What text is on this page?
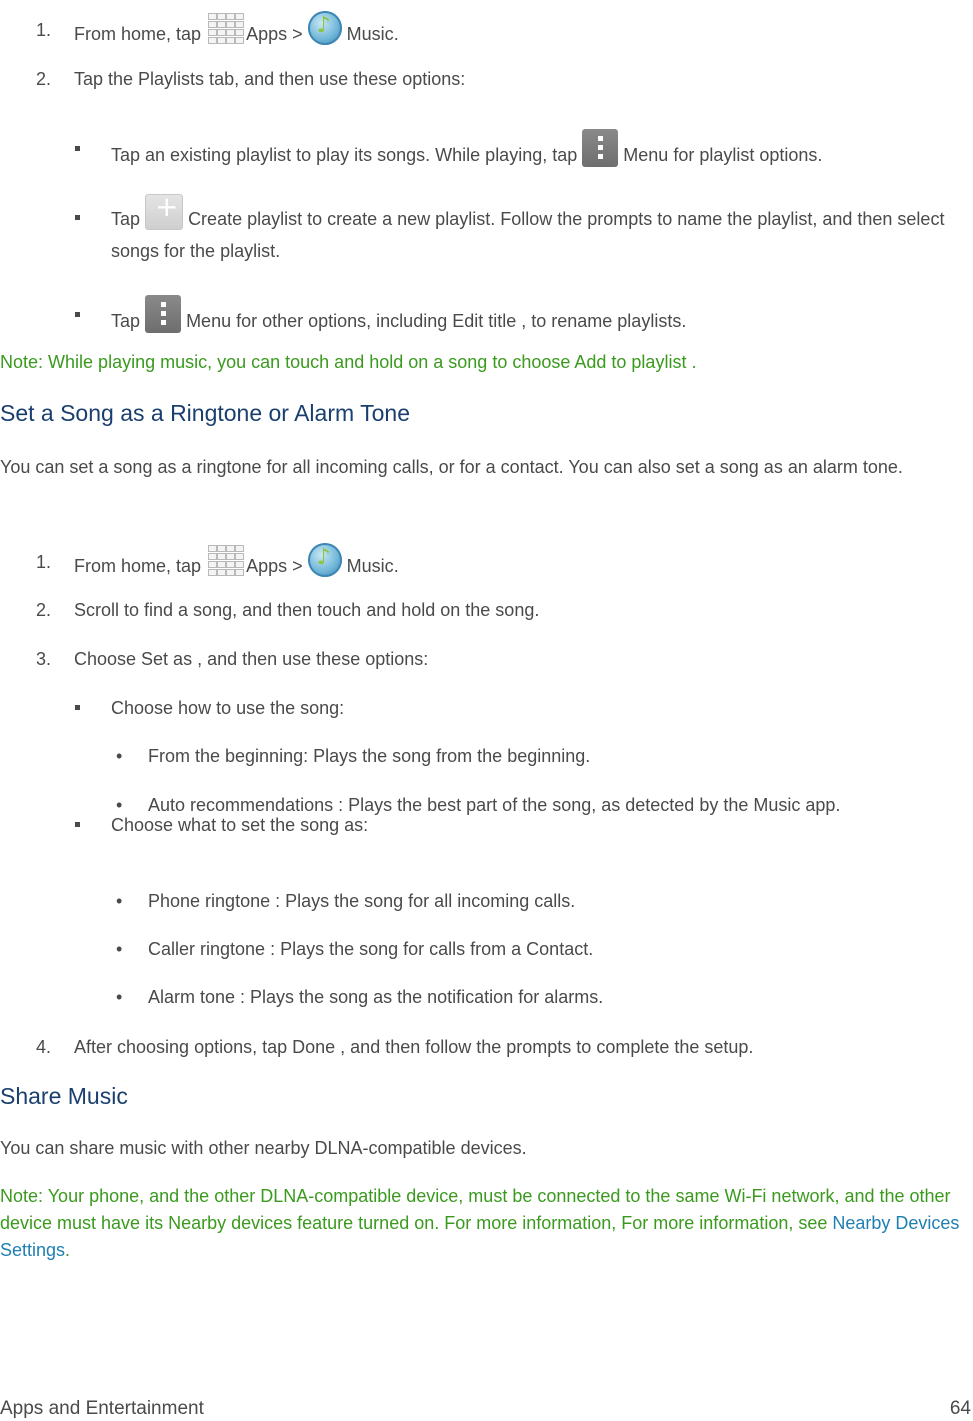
1. From home, tap	Apps > ♪ Music.
2. Tap the Playlists tab, and then use these options:
Tap an existing playlist to play its songs. While playing, tap	Menu for playlist options.
Tap + Create playlist to create a new playlist. Follow the prompts to name the playlist, and then select songs for the playlist.
Tap	Menu for other options, including Edit title , to rename playlists.
Note: While playing music, you can touch and hold on a song to choose Add to playlist .
Set a Song as a Ringtone or Alarm Tone
You can set a song as a ringtone for all incoming calls, or for a contact. You can also set a song as an alarm tone.
1. From home, tap	Apps > ♪ Music.
2. Scroll to find a song, and then touch and hold on the song.
3. Choose Set as , and then use these options:
Choose how to use the song:
• From the beginning: Plays the song from the beginning.
• Auto recommendations : Plays the best part of the song, as detected by the Music app.
Choose what to set the song as:
• Phone ringtone : Plays the song for all incoming calls.
• Caller ringtone : Plays the song for calls from a Contact.
• Alarm tone : Plays the song as the notification for alarms.
4. After choosing options, tap Done , and then follow the prompts to complete the setup.
Share Music
You can share music with other nearby DLNA-compatible devices.
Note: Your phone, and the other DLNA-compatible device, must be connected to the same Wi-Fi network, and the other device must have its Nearby devices feature turned on. For more information, For more information, see Nearby Devices Settings.
Apps and Entertainment	64
